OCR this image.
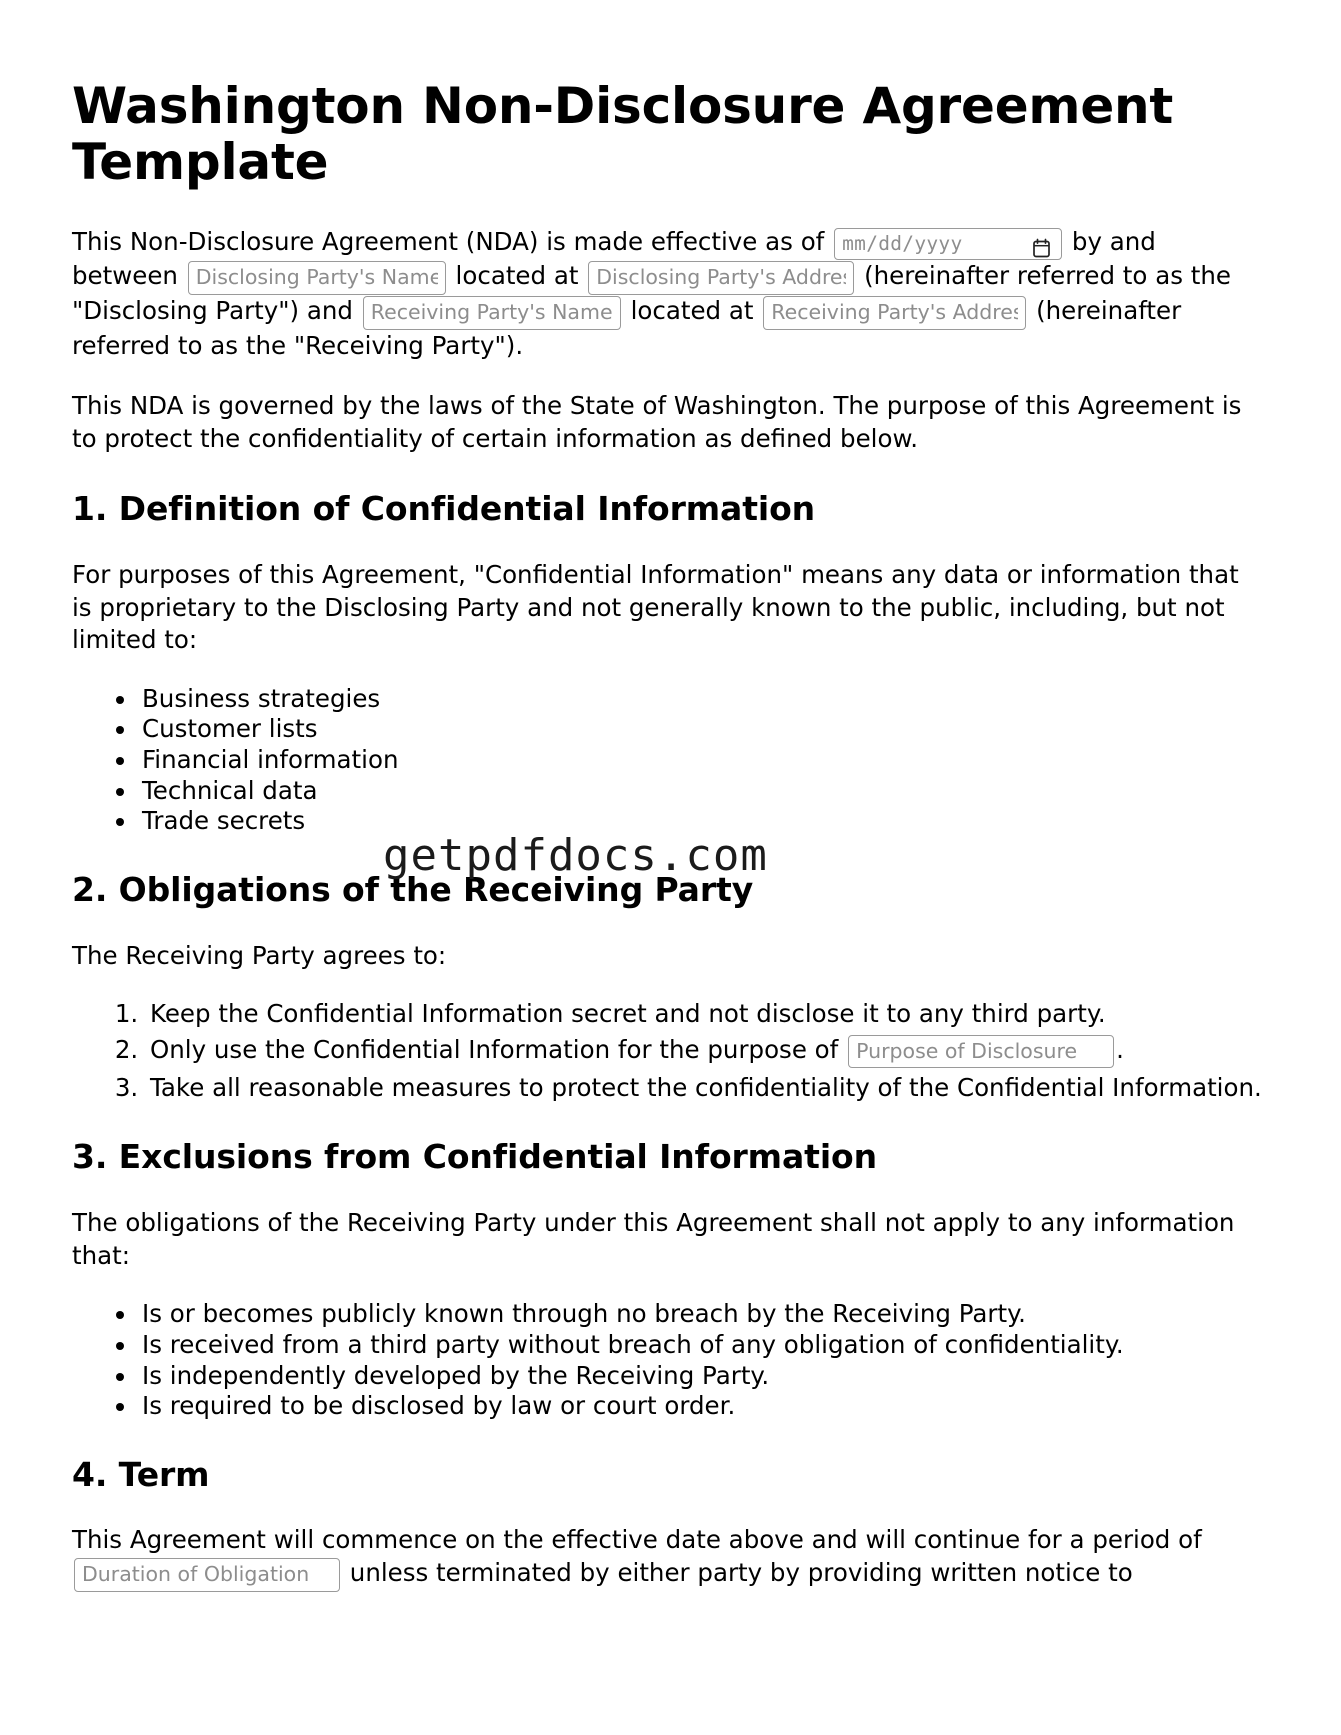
Washington Non-Disclosure Agreement Template

This Non-Disclosure Agreement (NDA) is made effective as of mm/dd/yyyy	by and between Disclosing Party's Name	located at Disclosing Party's Address	(hereinafter referred to as the "Disclosing Party") and Receiving Party's Name	located at Receiving Party's Address	(hereinafter referred to as the "Receiving Party").

This NDA is governed by the laws of the State of Washington. The purpose of this Agreement is to protect the confidentiality of certain information as defined below.

1. Definition of Confidential Information

For purposes of this Agreement, "Confidential Information" means any data or information that is proprietary to the Disclosing Party and not generally known to the public, including, but not limited to:

• Business strategies
• Customer lists
• Financial information
• Technical data
• Trade secrets
2. Obligations of the Receiving Party

The Receiving Party agrees to:

1. Keep the Confidential Information secret and not disclose it to any third party.
2. Only use the Confidential Information for the purpose of Purpose of Disclosure	.
3. Take all reasonable measures to protect the confidentiality of the Confidential Information.
3. Exclusions from Confidential Information

The obligations of the Receiving Party under this Agreement shall not apply to any information that:

• Is or becomes publicly known through no breach by the Receiving Party.
• Is received from a third party without breach of any obligation of confidentiality.
• Is independently developed by the Receiving Party.
• Is required to be disclosed by law or court order.
4. Term

This Agreement will commence on the effective date above and will continue for a period of Duration of Obligation unless terminated by either party by providing written notice to

getpdfdocs.com
